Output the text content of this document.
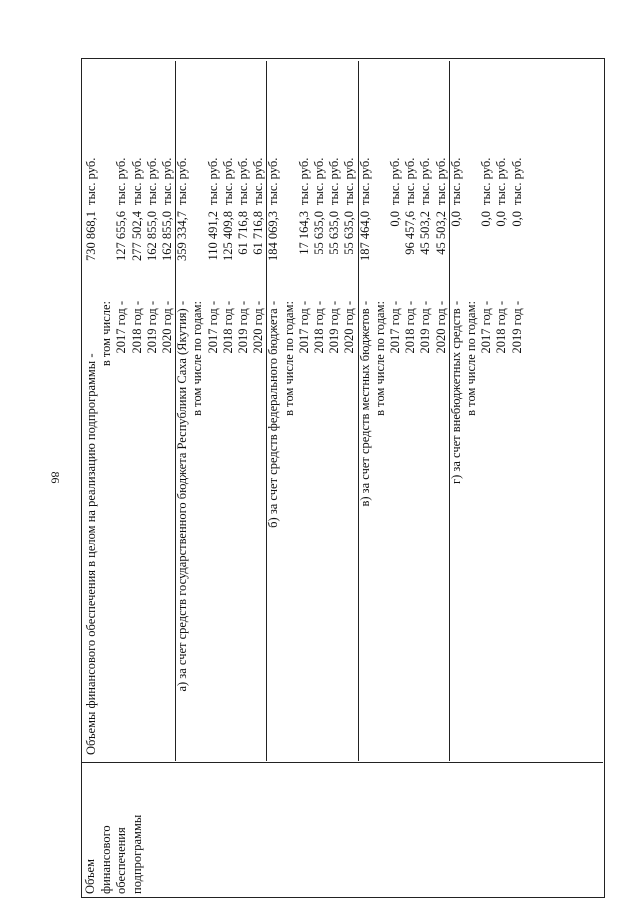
86
Объем финансового обеспечения подпрограммы
Объемы финансового обеспечения в целом на реализацию подпрограммы -
730 868,1
тыс. руб.
в том числе: 2017 год -
127 655,6
тыс. руб.
2018 год -
277 502,4
тыс. руб.
2019 год -
162 855,0
тыс. руб.
2020 год -
162 855,0
тыс. руб.
а) за счет средств государственного бюджета Республики Саха (Якутия) -
359 334,7
тыс. руб.
в том числе по годам: 2017 год -
110 491,2
тыс. руб.
2018 год -
125 409,8
тыс. руб.
2019 год -
61 716,8
тыс. руб.
2020 год -
61 716,8
тыс. руб.
б) за счет средств федерального бюджета -
184 069,3
тыс. руб.
в том числе по годам: 2017 год -
17 164,3
тыс. руб.
2018 год -
55 635,0
тыс. руб.
2019 год -
55 635,0
тыс. руб.
2020 год -
55 635,0
тыс. руб.
в) за счет средств местных бюджетов -
187 464,0
тыс. руб.
в том числе по годам: 2017 год -
0,0
тыс. руб.
2018 год -
96 457,6
тыс. руб.
2019 год -
45 503,2
тыс. руб.
2020 год -
45 503,2
тыс. руб.
г) за счет внебюджетных средств -
0,0
тыс. руб.
в том числе по годам: 2017 год -
0,0
тыс. руб.
2018 год -
0,0
тыс. руб.
2019 год -
0,0
тыс. руб.
